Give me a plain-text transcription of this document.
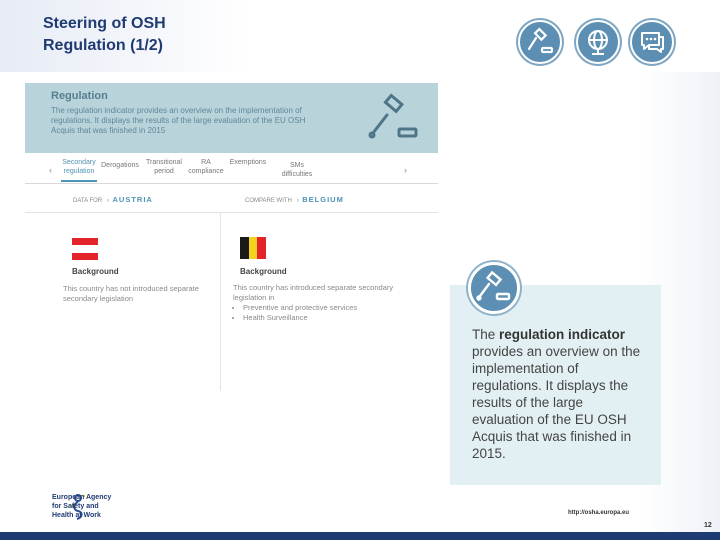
Steering of OSH
Regulation (1/2)
Regulation
The regulation indicator provides an overview on the implementation of regulations. It displays the results of the large evaluation of the EU OSH Acquis that was finished in 2015
‹
Secondary regulation
Derogations	Transitional period
RA compliance
Exemptions	SMs difficulties	›
DATA FOR › AUSTRIA	COMPARE WITH › BELGIUM
Background
This country has not introduced separate secondary legislation
Background
This country has introduced separate secondary legislation in
• Preventive and protective services
• Health Surveillance
The regulation indicator provides an overview on the implementation of regulations. It displays the results of the large evaluation of the EU OSH Acquis that was finished in 2015.
European Agency for Safety and Health at Work	http://osha.europa.eu
12
